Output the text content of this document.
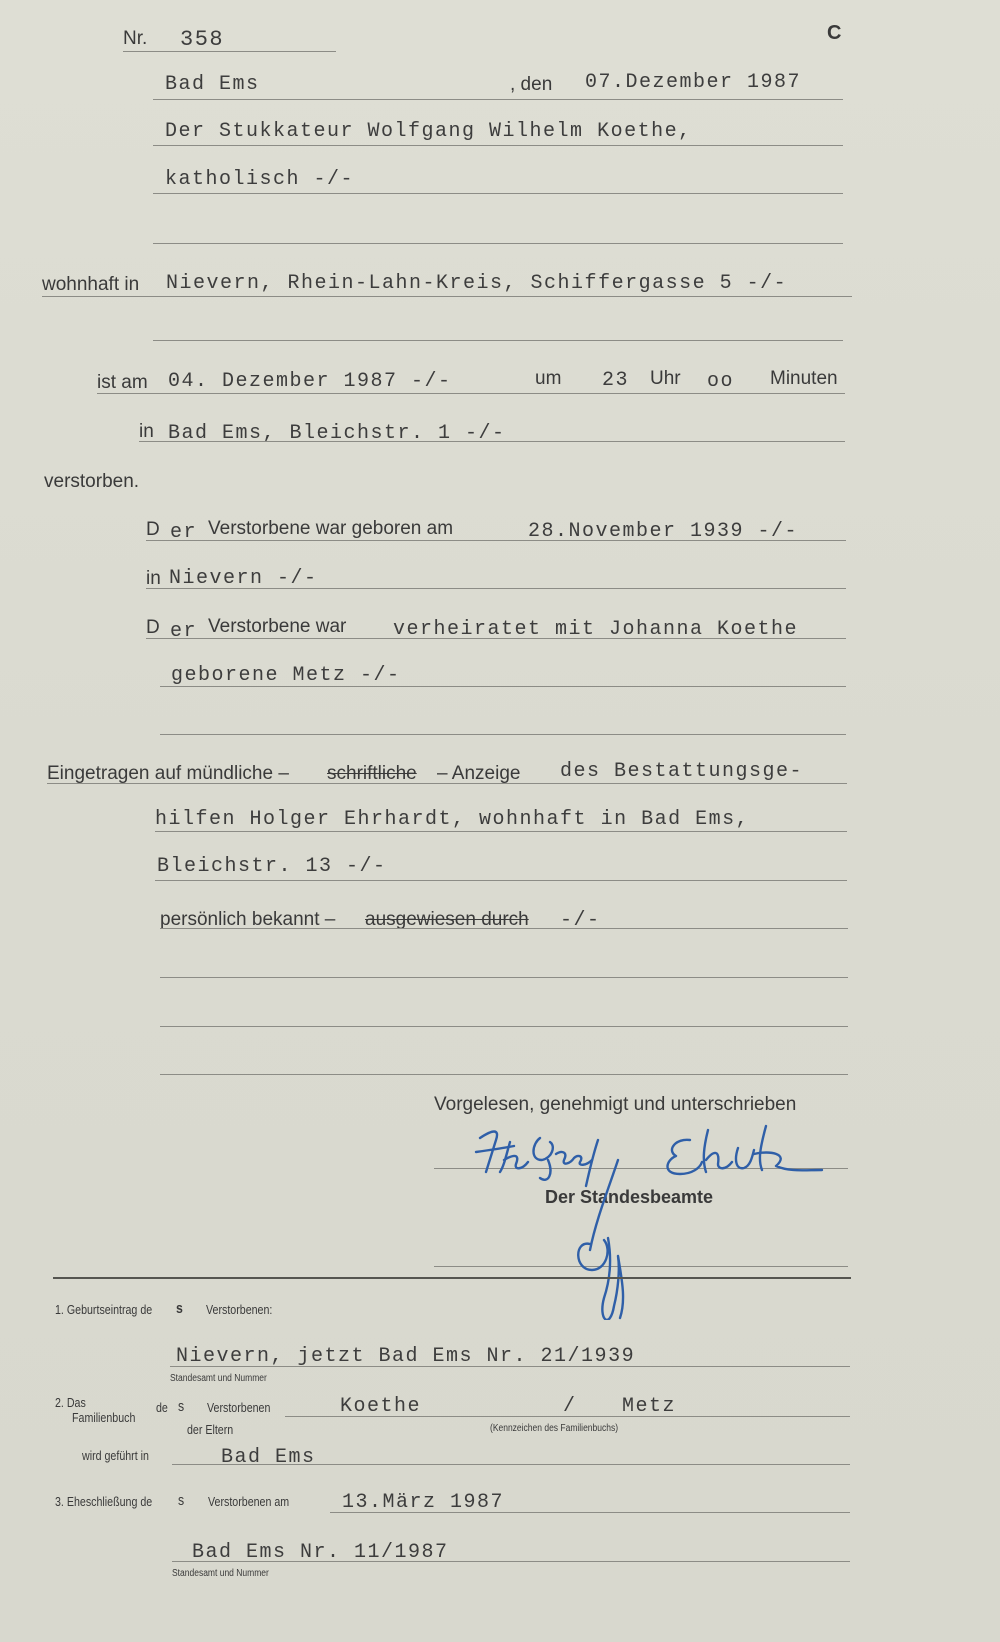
Nr. 358	C
Bad Ems	, den 07.Dezember 1987
Der Stukkateur Wolfgang Wilhelm Koethe,
katholisch -/-
wohnhaft in Nievern, Rhein-Lahn-Kreis, Schiffergasse 5 -/-
ist am 04. Dezember 1987 -/-	um 23 Uhr oo Minuten
in Bad Ems, Bleichstr. 1 -/-
verstorben.
D er Verstorbene war geboren am	28.November 1939 -/-
in Nievern -/-
D er Verstorbene war verheiratet mit Johanna Koethe
geborene Metz -/-
Eingetragen auf mündliche – schriftliche – Anzeige des Bestattungsge-
hilfen Holger Ehrhardt, wohnhaft in Bad Ems,
Bleichstr. 13 -/-
persönlich bekannt – ausgewiesen durch -/-
Vorgelesen, genehmigt und unterschrieben
Der Standesbeamte
1. Geburtseintrag de s Verstorbenen:
Nievern, jetzt Bad Ems Nr. 21/1939
Standesamt und Nummer
2. Das
Familienbuch
de s Verstorbenen
der Eltern
Koethe	/ Metz
(Kennzeichen des Familienbuchs)
wird geführt in	Bad Ems
3. Eheschließung de s Verstorbenen am	13.März 1987
Bad Ems Nr. 11/1987
Standesamt und Nummer
